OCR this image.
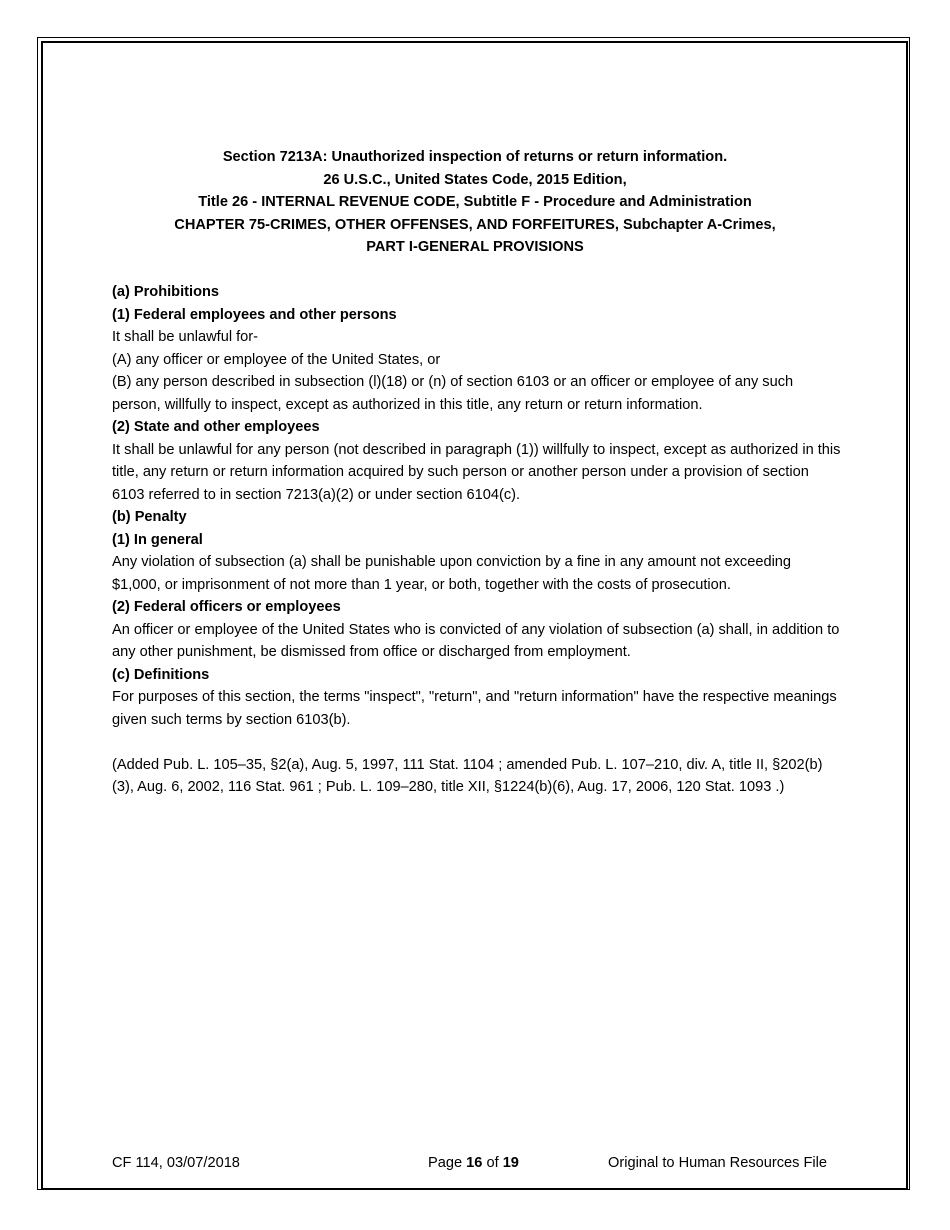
Section 7213A: Unauthorized inspection of returns or return information.
26 U.S.C., United States Code, 2015 Edition,
Title 26 - INTERNAL REVENUE CODE, Subtitle F - Procedure and Administration
CHAPTER 75-CRIMES, OTHER OFFENSES, AND FORFEITURES, Subchapter A-Crimes,
PART I-GENERAL PROVISIONS
(a) Prohibitions
(1) Federal employees and other persons
It shall be unlawful for-
(A) any officer or employee of the United States, or
(B) any person described in subsection (l)(18) or (n) of section 6103 or an officer or employee of any such person, willfully to inspect, except as authorized in this title, any return or return information.
(2) State and other employees
It shall be unlawful for any person (not described in paragraph (1)) willfully to inspect, except as authorized in this title, any return or return information acquired by such person or another person under a provision of section 6103 referred to in section 7213(a)(2) or under section 6104(c).
(b) Penalty
(1) In general
Any violation of subsection (a) shall be punishable upon conviction by a fine in any amount not exceeding $1,000, or imprisonment of not more than 1 year, or both, together with the costs of prosecution.
(2) Federal officers or employees
An officer or employee of the United States who is convicted of any violation of subsection (a) shall, in addition to any other punishment, be dismissed from office or discharged from employment.
(c) Definitions
For purposes of this section, the terms "inspect", "return", and "return information" have the respective meanings given such terms by section 6103(b).
(Added Pub. L. 105–35, §2(a), Aug. 5, 1997, 111 Stat. 1104 ; amended Pub. L. 107–210, div. A, title II, §202(b)(3), Aug. 6, 2002, 116 Stat. 961 ; Pub. L. 109–280, title XII, §1224(b)(6), Aug. 17, 2006, 120 Stat. 1093 .)
CF 114, 03/07/2018	Page 16 of 19	Original to Human Resources File
